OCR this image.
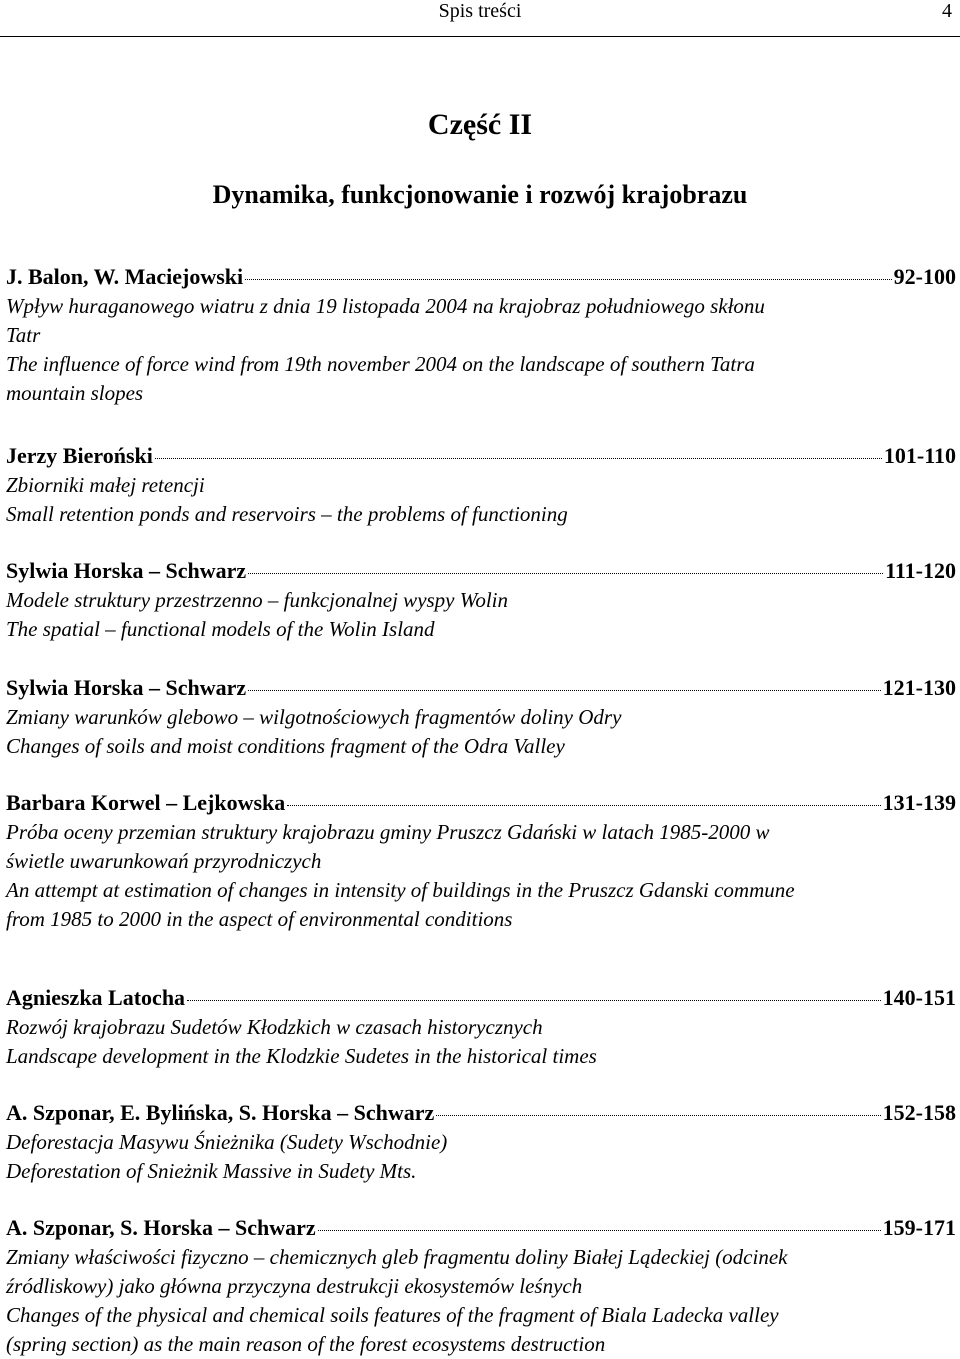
Spis treści	4
Część II
Dynamika, funkcjonowanie i rozwój krajobrazu
J. Balon, W. Maciejowski	92-100
Wpływ huraganowego wiatru z dnia 19 listopada 2004 na krajobraz południowego skłonu
Tatr
The influence of force wind from 19th november 2004 on the landscape of southern Tatra
mountain slopes
Jerzy Bieroński	101-110
Zbiorniki małej retencji
Small retention ponds and reservoirs – the problems of functioning
Sylwia Horska – Schwarz	111-120
Modele struktury przestrzenno – funkcjonalnej wyspy Wolin
The spatial – functional models of the Wolin Island
Sylwia Horska – Schwarz	121-130
Zmiany warunków glebowo – wilgotnościowych fragmentów doliny Odry
Changes of soils and moist conditions fragment of the Odra Valley
Barbara Korwel – Lejkowska	131-139
Próba oceny przemian struktury krajobrazu gminy Pruszcz Gdański w latach 1985-2000 w
świetle uwarunkowań przyrodniczych
An attempt at estimation of changes in intensity of buildings in the Pruszcz Gdanski commune
from 1985 to 2000 in the aspect of environmental conditions
Agnieszka Latocha	140-151
Rozwój krajobrazu Sudetów Kłodzkich w czasach historycznych
Landscape development in the Klodzkie Sudetes in the historical times
A. Szponar, E. Bylińska, S. Horska – Schwarz	152-158
Deforestacja Masywu Śnieżnika (Sudety Wschodnie)
Deforestation of Snieżnik Massive in Sudety Mts.
A. Szponar, S. Horska – Schwarz	159-171
Zmiany właściwości fizyczno – chemicznych gleb fragmentu doliny Białej Lądeckiej (odcinek
źródliskowy) jako główna przyczyna destrukcji ekosystemów leśnych
Changes of the physical and chemical soils features of the fragment of Biala Ladecka valley
(spring section) as the main reason of the forest ecosystems destruction
